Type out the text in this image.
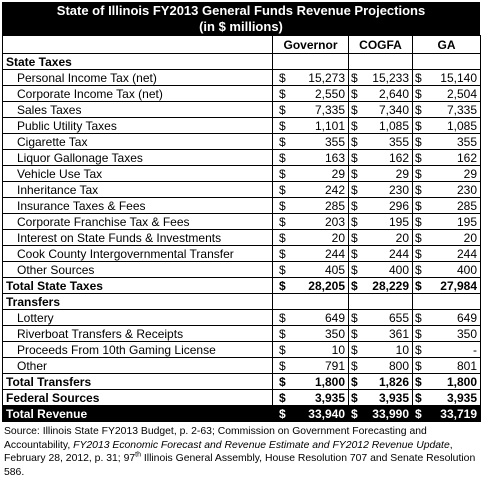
State of Illinois FY2013 General Funds Revenue Projections
(in $ millions)
	Governor	COGFA	GA
State Taxes			
Personal Income Tax (net)	$ 15,273	$ 15,233	$ 15,140

Corporate Income Tax (net)	$ 2,550	$ 2,640	$ 2,504

Sales Taxes	$ 7,335	$ 7,340	$ 7,335

Public Utility Taxes	$ 1,101	$ 1,085	$ 1,085

Cigarette Tax	$ 355	$ 355	$ 355

Liquor Gallonage Taxes	$ 163	$ 162	$ 162

Vehicle Use Tax	$ 29	$ 29	$ 29

Inheritance Tax	$ 242	$ 230	$ 230

Insurance Taxes & Fees	$ 285	$ 296	$ 285

Corporate Franchise Tax & Fees	$ 203	$ 195	$ 195

Interest on State Funds & Investments	$ 20	$ 20	$ 20

Cook County Intergovernmental Transfer	$ 244	$ 244	$ 244

Other Sources	$ 405	$ 400	$ 400

Total State Taxes	$ 28,205	$ 28,229	$ 27,984

Transfers			
Lottery	$ 649	$ 655	$ 649

Riverboat Transfers & Receipts	$ 350	$ 361	$ 350

Proceeds From 10th Gaming License	$ 10	$ 10	$ -

Other	$ 791	$ 800	$ 801

Total Transfers	$ 1,800	$ 1,826	$ 1,800

Federal Sources	$ 3,935	$ 3,935	$ 3,935

Total Revenue	$ 33,940	$ 33,990	$ 33,719
Source: Illinois State FY2013 Budget, p. 2-63; Commission on Government Forecasting and Accountability, FY2013 Economic Forecast and Revenue Estimate and FY2012 Revenue Update, February 28, 2012, p. 31; 97th Illinois General Assembly, House Resolution 707 and Senate Resolution 586.
